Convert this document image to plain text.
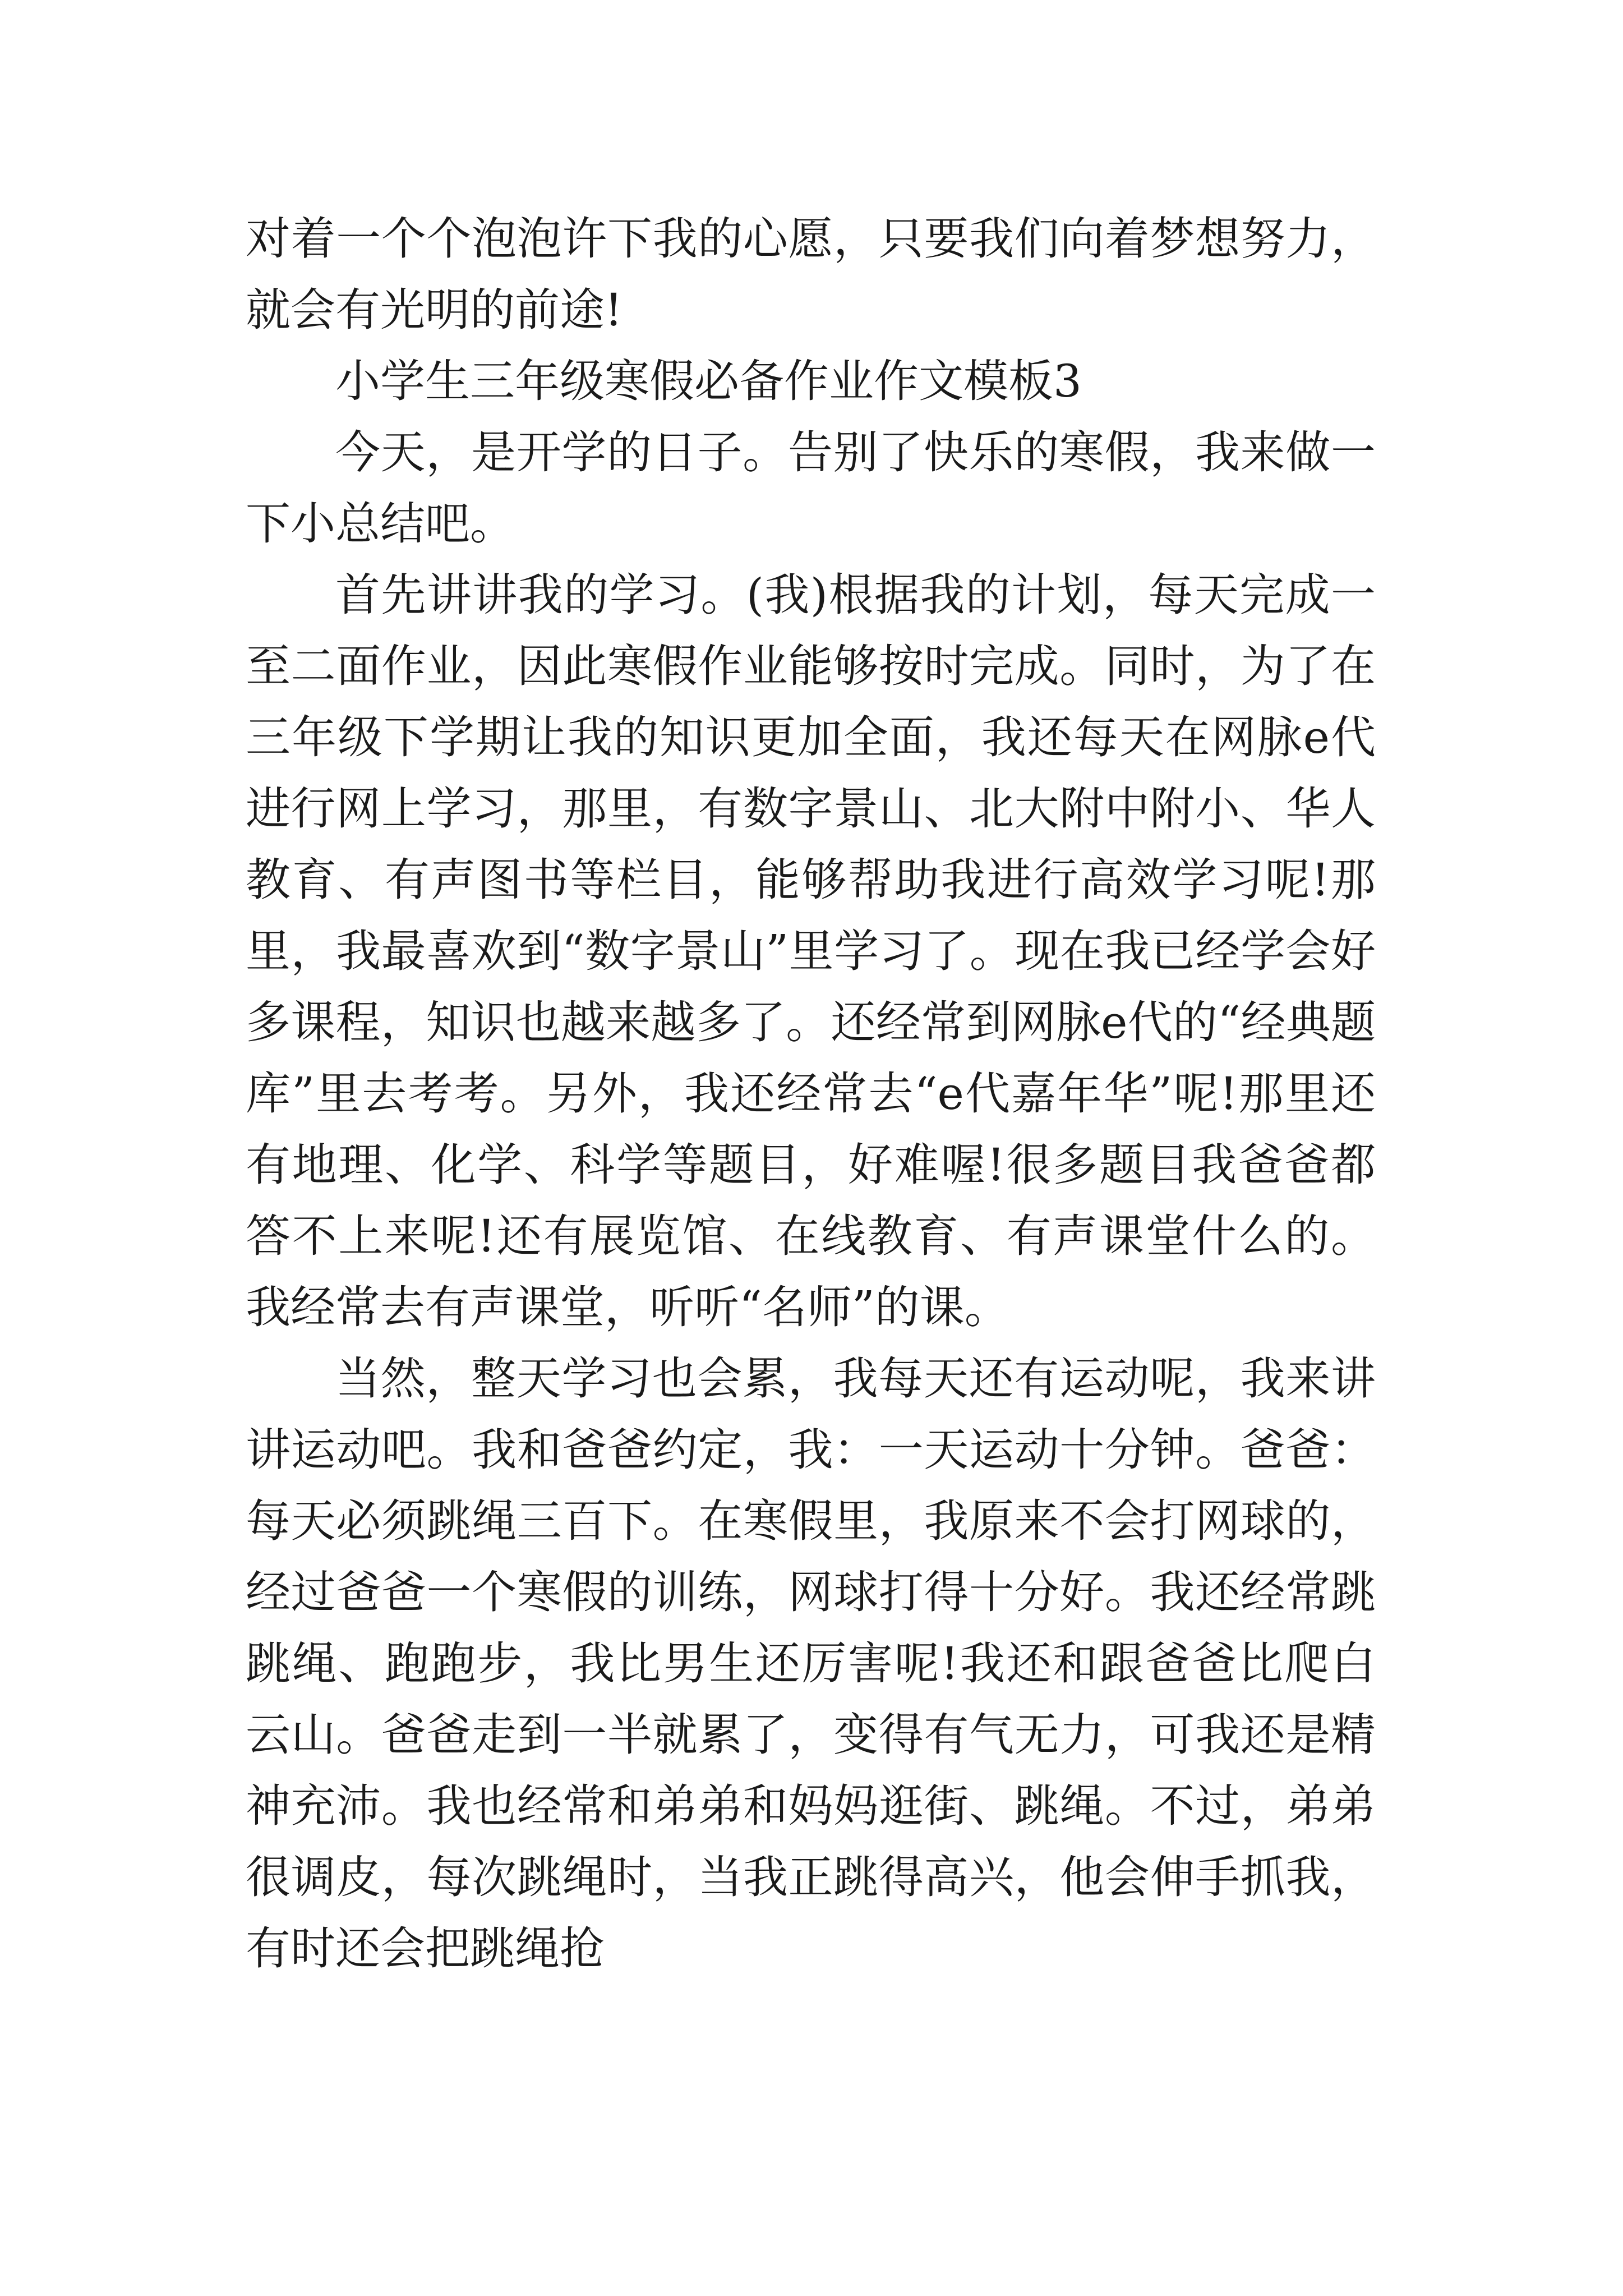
对着一个个泡泡许下我的心愿，只要我们向着梦想努力，就会有光明的前途!

小学生三年级寒假必备作业作文模板3

今天，是开学的日子。告别了快乐的寒假，我来做一下小总结吧。

首先讲讲我的学习。(我)根据我的计划，每天完成一至二面作业，因此寒假作业能够按时完成。同时，为了在三年级下学期让我的知识更加全面，我还每天在网脉e代进行网上学习，那里，有数字景山、北大附中附小、华人教育、有声图书等栏目，能够帮助我进行高效学习呢!那里，我最喜欢到“数字景山”里学习了。现在我已经学会好多课程，知识也越来越多了。还经常到网脉e代的“经典题库”里去考考。另外，我还经常去“e代嘉年华”呢!那里还有地理、化学、科学等题目，好难喔!很多题目我爸爸都答不上来呢!还有展览馆、在线教育、有声课堂什么的。我经常去有声课堂，听听“名师”的课。

当然，整天学习也会累，我每天还有运动呢，我来讲讲运动吧。我和爸爸约定，我：一天运动十分钟。爸爸：每天必须跳绳三百下。在寒假里，我原来不会打网球的，经过爸爸一个寒假的训练，网球打得十分好。我还经常跳跳绳、跑跑步，我比男生还厉害呢!我还和跟爸爸比爬白云山。爸爸走到一半就累了，变得有气无力，可我还是精神充沛。我也经常和弟弟和妈妈逛街、跳绳。不过，弟弟很调皮，每次跳绳时，当我正跳得高兴，他会伸手抓我，有时还会把跳绳抢
